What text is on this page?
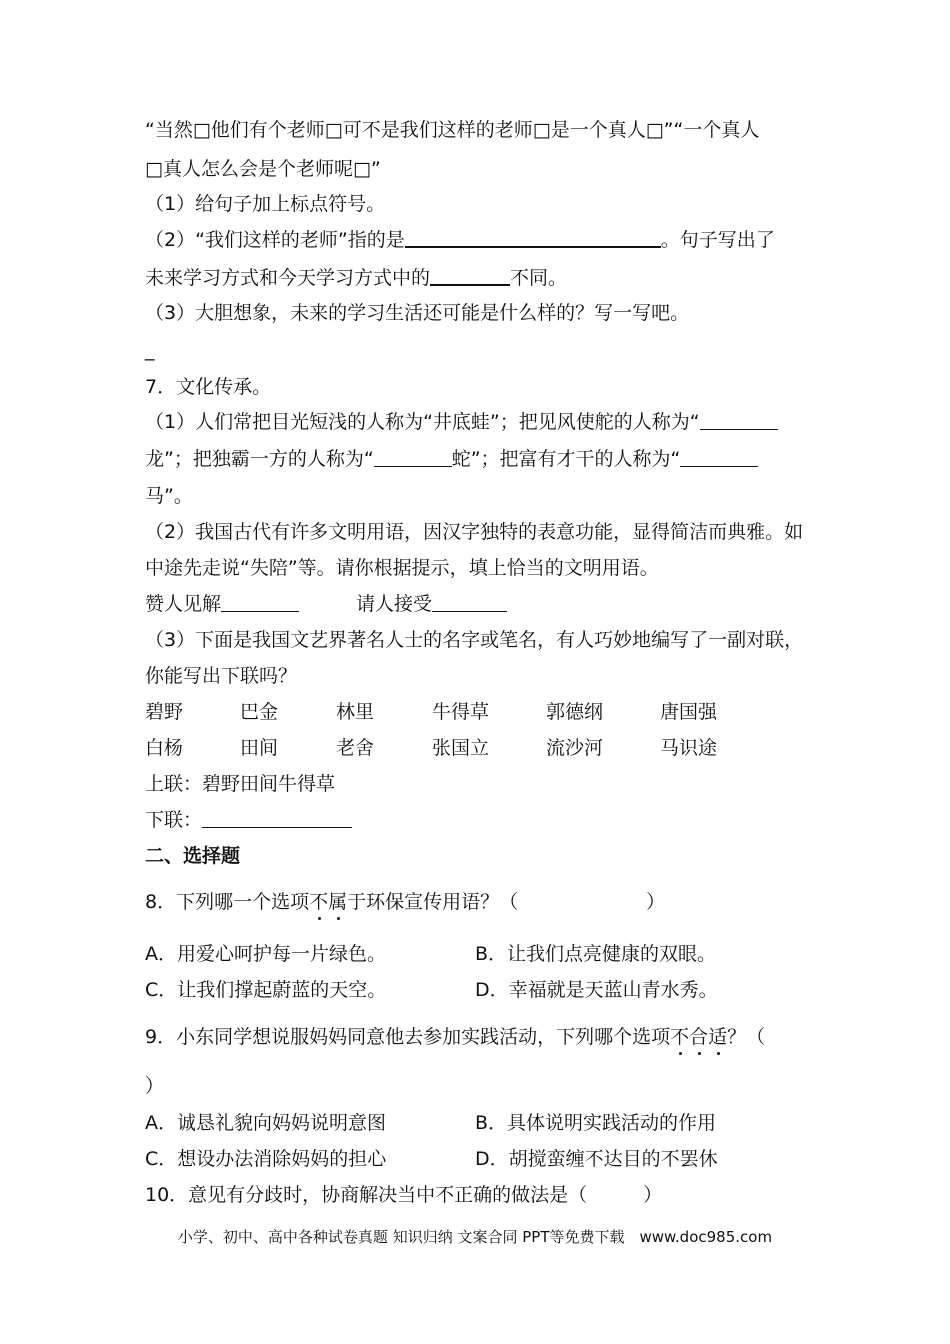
“当然□他们有个老师□可不是我们这样的老师□是一个真人□”“一个真人
□真人怎么会是个老师呢□”
（1）给句子加上标点符号。
（2）“我们这样的老师”指的是	。句子写出了
未来学习方式和今天学习方式中的	不同。
（3）大胆想象，未来的学习生活还可能是什么样的？写一写吧。
_
7．文化传承。
（1）人们常把目光短浅的人称为“井底蛙”；把见风使舵的人称为“
龙”；把独霸一方的人称为“	蛇”；把富有才干的人称为“
马”。
（2）我国古代有许多文明用语，因汉字独特的表意功能，显得简洁而典雅。如
中途先走说“失陪”等。请你根据提示，填上恰当的文明用语。
赞人见解	请人接受
（3）下面是我国文艺界著名人士的名字或笔名，有人巧妙地编写了一副对联，
你能写出下联吗？
碧野	巴金	林里	牛得草	郭德纲	唐国强
白杨	田间	老舍	张国立	流沙河	马识途
上联：碧野田间牛得草
下联：
二、选择题
8．下列哪一个选项不属于环保宣传用语？（	）
A．用爱心呵护每一片绿色。	B．让我们点亮健康的双眼。
C．让我们撑起蔚蓝的天空。	D．幸福就是天蓝山青水秀。
9．小东同学想说服妈妈同意他去参加实践活动，下列哪个选项不合适？（
）
A．诚恳礼貌向妈妈说明意图	B．具体说明实践活动的作用
C．想设办法消除妈妈的担心	D．胡搅蛮缠不达目的不罢休
10．意见有分歧时，协商解决当中不正确的做法是（	）
小学、初中、高中各种试卷真题 知识归纳 文案合同 PPT等免费下载　www.doc985.com
